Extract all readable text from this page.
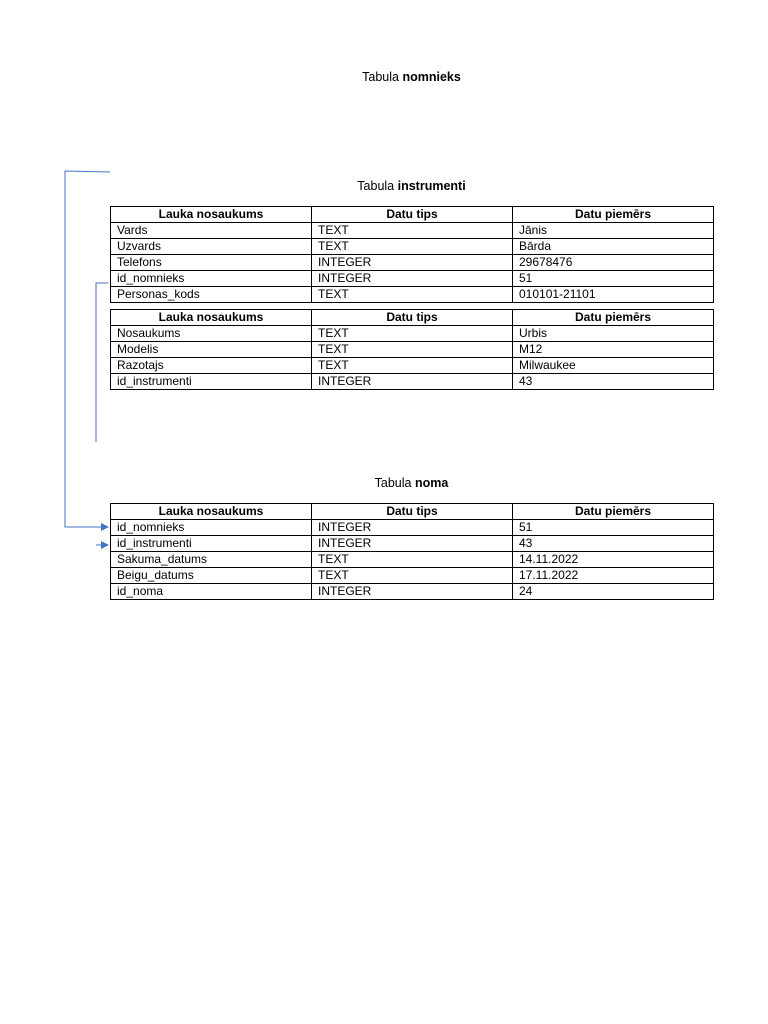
Tabula nomnieks
Tabula instrumenti
Lauka nosaukums	Datu tips	Datu piemērs
Vards	TEXT	Jānis
Uzvards	TEXT	Bārda
Telefons	INTEGER	29678476
id_nomnieks	INTEGER	51
Personas_kods	TEXT	010101-21101
Lauka nosaukums	Datu tips	Datu piemērs
Nosaukums	TEXT	Urbis
Modelis	TEXT	M12
Razotajs	TEXT	Milwaukee
id_instrumenti	INTEGER	43
Tabula noma
Lauka nosaukums	Datu tips	Datu piemērs
id_nomnieks	INTEGER	51
id_instrumenti	INTEGER	43
Sakuma_datums	TEXT	14.11.2022
Beigu_datums	TEXT	17.11.2022
id_noma	INTEGER	24
